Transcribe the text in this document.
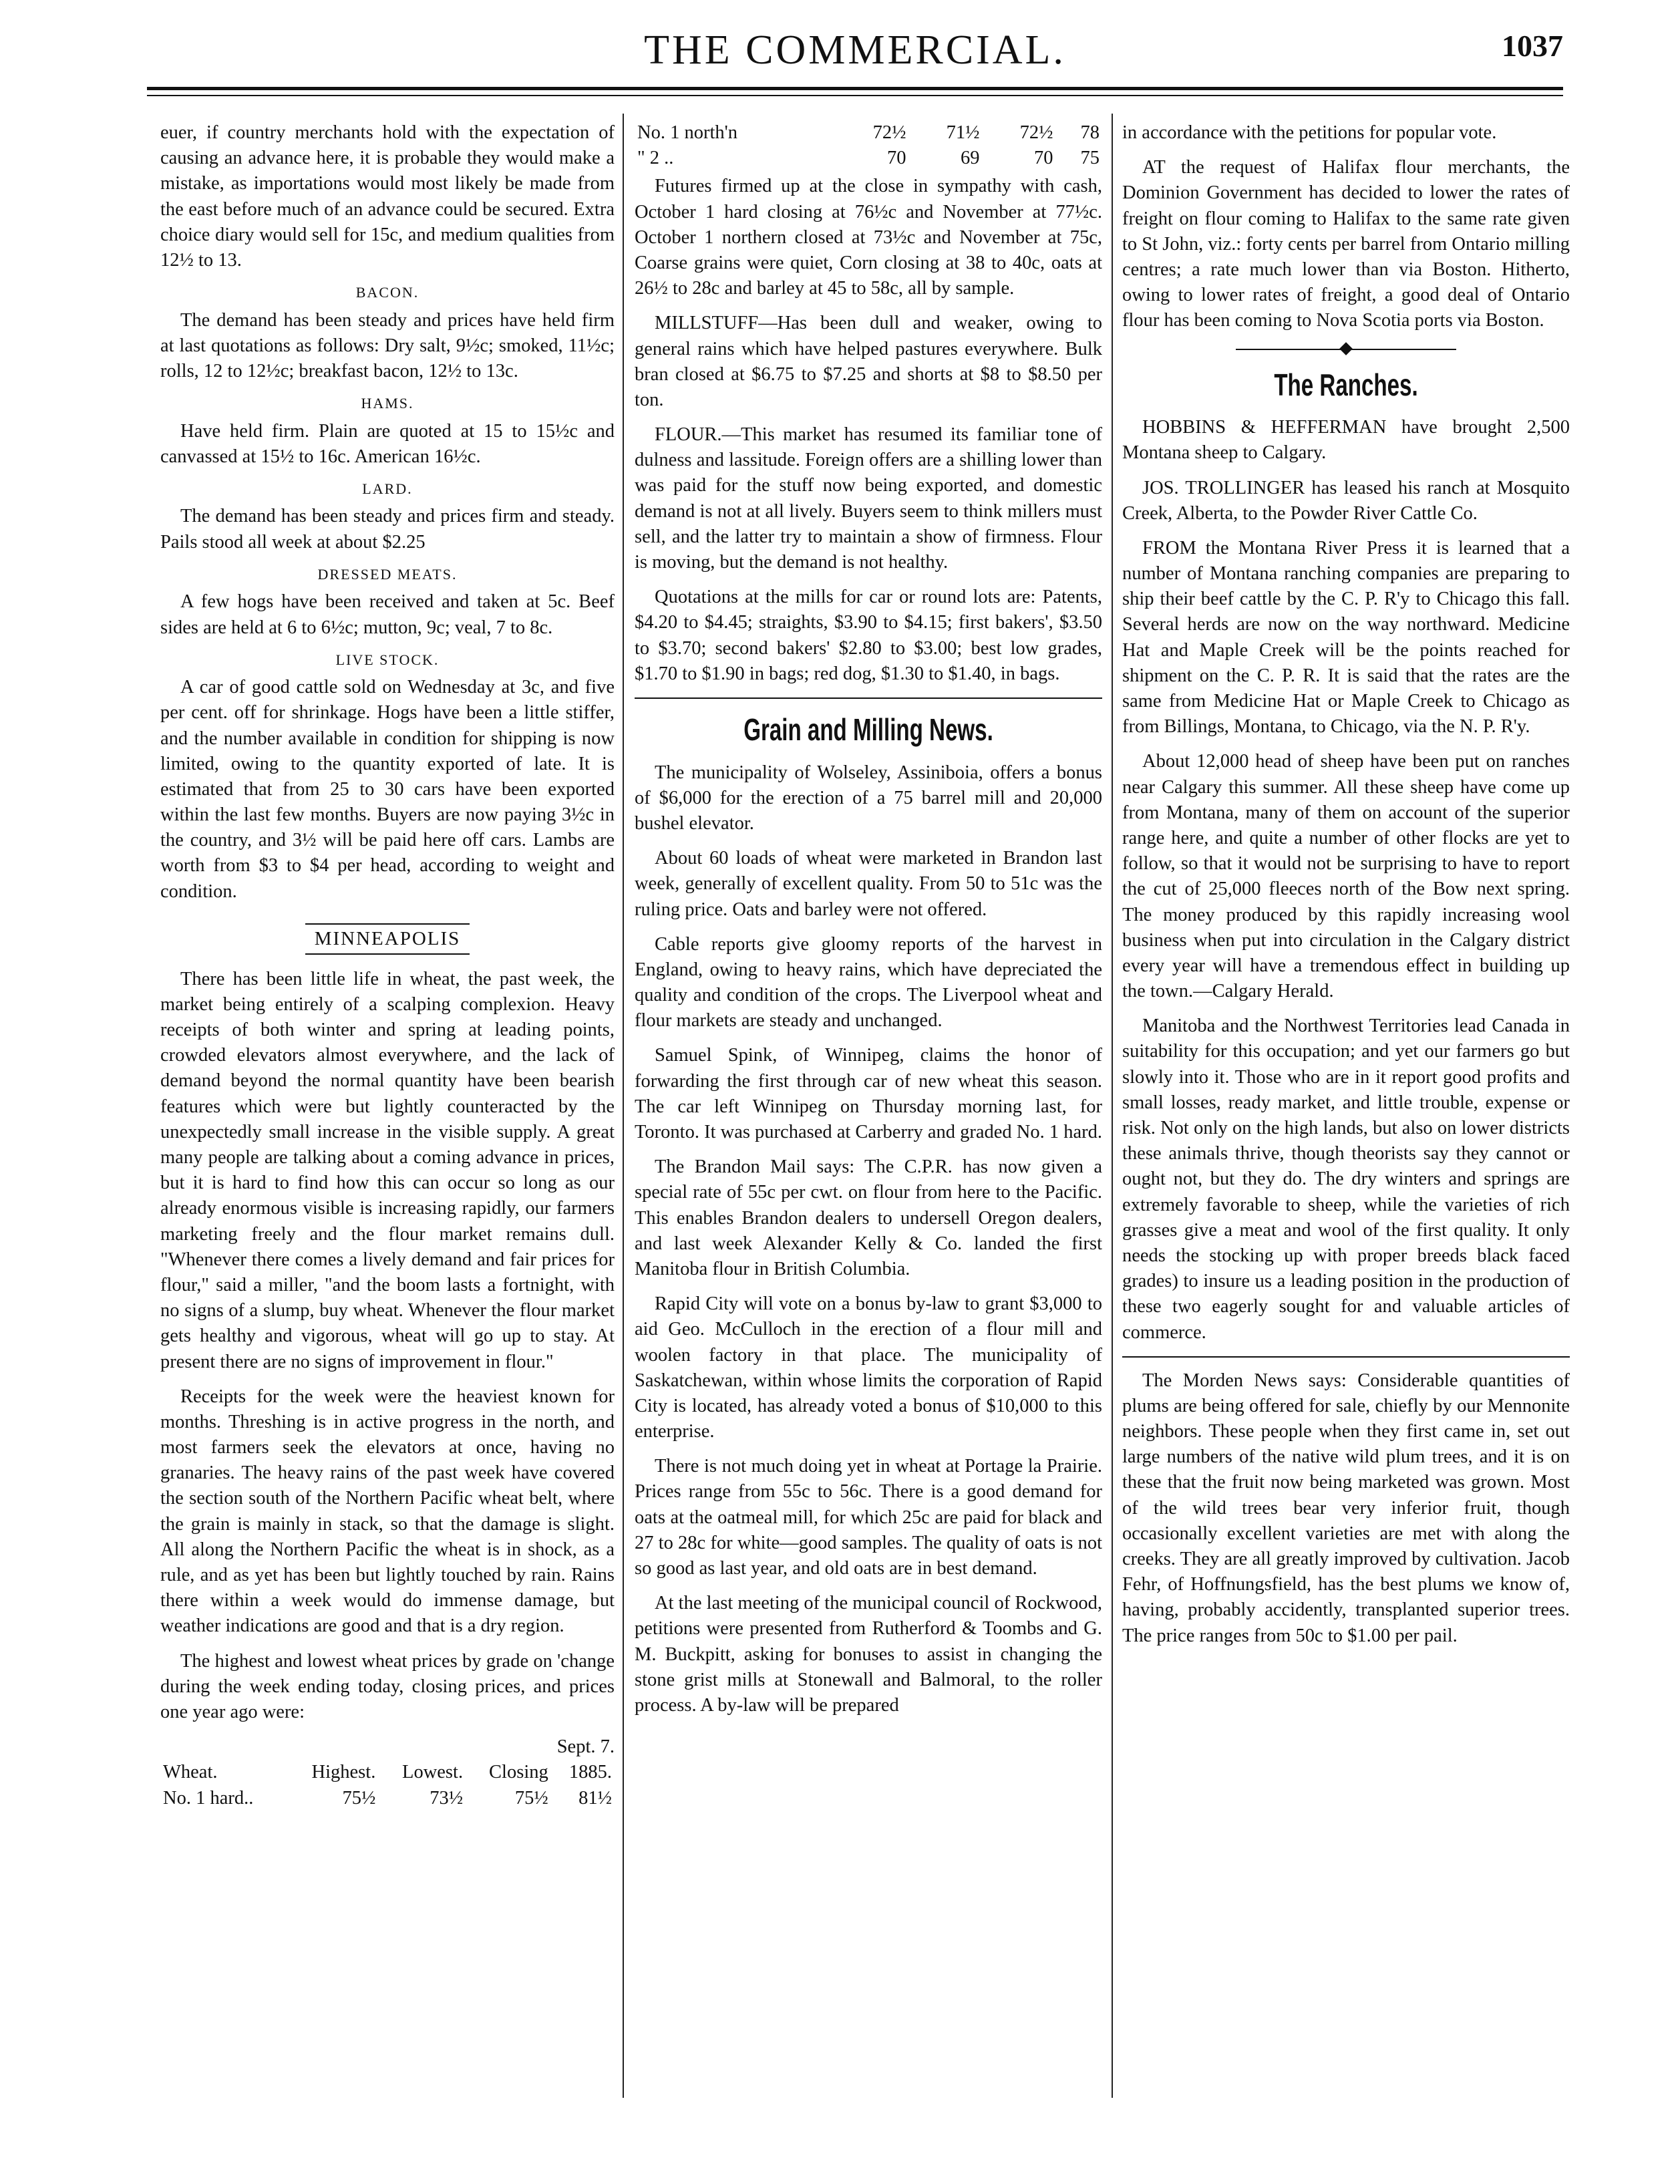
THE COMMERCIAL.	1037

euer, if country merchants hold with the expectation of causing an advance here, it is probable they would make a mistake, as importations would most likely be made from the east before much of an advance could be secured. Extra choice diary would sell for 15c, and medium qualities from 12½ to 13.

BACON.

The demand has been steady and prices have held firm at last quotations as follows: Dry salt, 9½c; smoked, 11½c; rolls, 12 to 12½c; breakfast bacon, 12½ to 13c.

HAMS.

Have held firm. Plain are quoted at 15 to 15½c and canvassed at 15½ to 16c. American 16½c.

LARD.

The demand has been steady and prices firm and steady. Pails stood all week at about $2.25

DRESSED MEATS.

A few hogs have been received and taken at 5c. Beef sides are held at 6 to 6½c; mutton, 9c; veal, 7 to 8c.

LIVE STOCK.

A car of good cattle sold on Wednesday at 3c, and five per cent. off for shrinkage. Hogs have been a little stiffer, and the number available in condition for shipping is now limited, owing to the quantity exported of late. It is estimated that from 25 to 30 cars have been exported within the last few months. Buyers are now paying 3½c in the country, and 3½ will be paid here off cars. Lambs are worth from $3 to $4 per head, according to weight and condition.

MINNEAPOLIS

There has been little life in wheat, the past week, the market being entirely of a scalping complexion. Heavy receipts of both winter and spring at leading points, crowded elevators almost everywhere, and the lack of demand beyond the normal quantity have been bearish features which were but lightly counteracted by the unexpectedly small increase in the visible supply. A great many people are talking about a coming advance in prices, but it is hard to find how this can occur so long as our already enormous visible is increasing rapidly, our farmers marketing freely and the flour market remains dull. "Whenever there comes a lively demand and fair prices for flour," said a miller, "and the boom lasts a fortnight, with no signs of a slump, buy wheat. Whenever the flour market gets healthy and vigorous, wheat will go up to stay. At present there are no signs of improvement in flour."

Receipts for the week were the heaviest known for months. Threshing is in active progress in the north, and most farmers seek the elevators at once, having no granaries. The heavy rains of the past week have covered the section south of the Northern Pacific wheat belt, where the grain is mainly in stack, so that the damage is slight. All along the Northern Pacific the wheat is in shock, as a rule, and as yet has been but lightly touched by rain. Rains there within a week would do immense damage, but weather indications are good and that is a dry region.

The highest and lowest wheat prices by grade on 'change during the week ending today, closing prices, and prices one year ago were:

Sept. 7.
Wheat.	Highest.	Lowest.	Closing	1885.
No. 1 hard..	75½	73½	75½	81½
No. 1 north'n	72½	71½	72½	78
" 2 ..	70	69	70	75

Futures firmed up at the close in sympathy with cash, October 1 hard closing at 76½c and November at 77½c. October 1 northern closed at 73½c and November at 75c, Coarse grains were quiet, Corn closing at 38 to 40c, oats at 26½ to 28c and barley at 45 to 58c, all by sample.

MILLSTUFF—Has been dull and weaker, owing to general rains which have helped pastures everywhere. Bulk bran closed at $6.75 to $7.25 and shorts at $8 to $8.50 per ton.

FLOUR.—This market has resumed its familiar tone of dulness and lassitude. Foreign offers are a shilling lower than was paid for the stuff now being exported, and domestic demand is not at all lively. Buyers seem to think millers must sell, and the latter try to maintain a show of firmness. Flour is moving, but the demand is not healthy.

Quotations at the mills for car or round lots are: Patents, $4.20 to $4.45; straights, $3.90 to $4.15; first bakers', $3.50 to $3.70; second bakers' $2.80 to $3.00; best low grades, $1.70 to $1.90 in bags; red dog, $1.30 to $1.40, in bags.

Grain and Milling News.

The municipality of Wolseley, Assiniboia, offers a bonus of $6,000 for the erection of a 75 barrel mill and 20,000 bushel elevator.

About 60 loads of wheat were marketed in Brandon last week, generally of excellent quality. From 50 to 51c was the ruling price. Oats and barley were not offered.

Cable reports give gloomy reports of the harvest in England, owing to heavy rains, which have depreciated the quality and condition of the crops. The Liverpool wheat and flour markets are steady and unchanged.

Samuel Spink, of Winnipeg, claims the honor of forwarding the first through car of new wheat this season. The car left Winnipeg on Thursday morning last, for Toronto. It was purchased at Carberry and graded No. 1 hard.

The Brandon Mail says: The C.P.R. has now given a special rate of 55c per cwt. on flour from here to the Pacific. This enables Brandon dealers to undersell Oregon dealers, and last week Alexander Kelly & Co. landed the first Manitoba flour in British Columbia.

Rapid City will vote on a bonus by-law to grant $3,000 to aid Geo. McCulloch in the erection of a flour mill and woolen factory in that place. The municipality of Saskatchewan, within whose limits the corporation of Rapid City is located, has already voted a bonus of $10,000 to this enterprise.

There is not much doing yet in wheat at Portage la Prairie. Prices range from 55c to 56c. There is a good demand for oats at the oatmeal mill, for which 25c are paid for black and 27 to 28c for white—good samples. The quality of oats is not so good as last year, and old oats are in best demand.

At the last meeting of the municipal council of Rockwood, petitions were presented from Rutherford & Toombs and G. M. Buckpitt, asking for bonuses to assist in changing the stone grist mills at Stonewall and Balmoral, to the roller process. A by-law will be prepared

in accordance with the petitions for popular vote.

AT the request of Halifax flour merchants, the Dominion Government has decided to lower the rates of freight on flour coming to Halifax to the same rate given to St John, viz.: forty cents per barrel from Ontario milling centres; a rate much lower than via Boston. Hitherto, owing to lower rates of freight, a good deal of Ontario flour has been coming to Nova Scotia ports via Boston.

The Ranches.

HOBBINS & HEFFERMAN have brought 2,500 Montana sheep to Calgary.

JOS. TROLLINGER has leased his ranch at Mosquito Creek, Alberta, to the Powder River Cattle Co.

FROM the Montana River Press it is learned that a number of Montana ranching companies are preparing to ship their beef cattle by the C. P. R'y to Chicago this fall. Several herds are now on the way northward. Medicine Hat and Maple Creek will be the points reached for shipment on the C. P. R. It is said that the rates are the same from Medicine Hat or Maple Creek to Chicago as from Billings, Montana, to Chicago, via the N. P. R'y.

About 12,000 head of sheep have been put on ranches near Calgary this summer. All these sheep have come up from Montana, many of them on account of the superior range here, and quite a number of other flocks are yet to follow, so that it would not be surprising to have to report the cut of 25,000 fleeces north of the Bow next spring. The money produced by this rapidly increasing wool business when put into circulation in the Calgary district every year will have a tremendous effect in building up the town.—Calgary Herald.

Manitoba and the Northwest Territories lead Canada in suitability for this occupation; and yet our farmers go but slowly into it. Those who are in it report good profits and small losses, ready market, and little trouble, expense or risk. Not only on the high lands, but also on lower districts these animals thrive, though theorists say they cannot or ought not, but they do. The dry winters and springs are extremely favorable to sheep, while the varieties of rich grasses give a meat and wool of the first quality. It only needs the stocking up with proper breeds black faced grades) to insure us a leading position in the production of these two eagerly sought for and valuable articles of commerce.

The Morden News says: Considerable quantities of plums are being offered for sale, chiefly by our Mennonite neighbors. These people when they first came in, set out large numbers of the native wild plum trees, and it is on these that the fruit now being marketed was grown. Most of the wild trees bear very inferior fruit, though occasionally excellent varieties are met with along the creeks. They are all greatly improved by cultivation. Jacob Fehr, of Hoffnungsfield, has the best plums we know of, having, probably accidently, transplanted superior trees. The price ranges from 50c to $1.00 per pail.
